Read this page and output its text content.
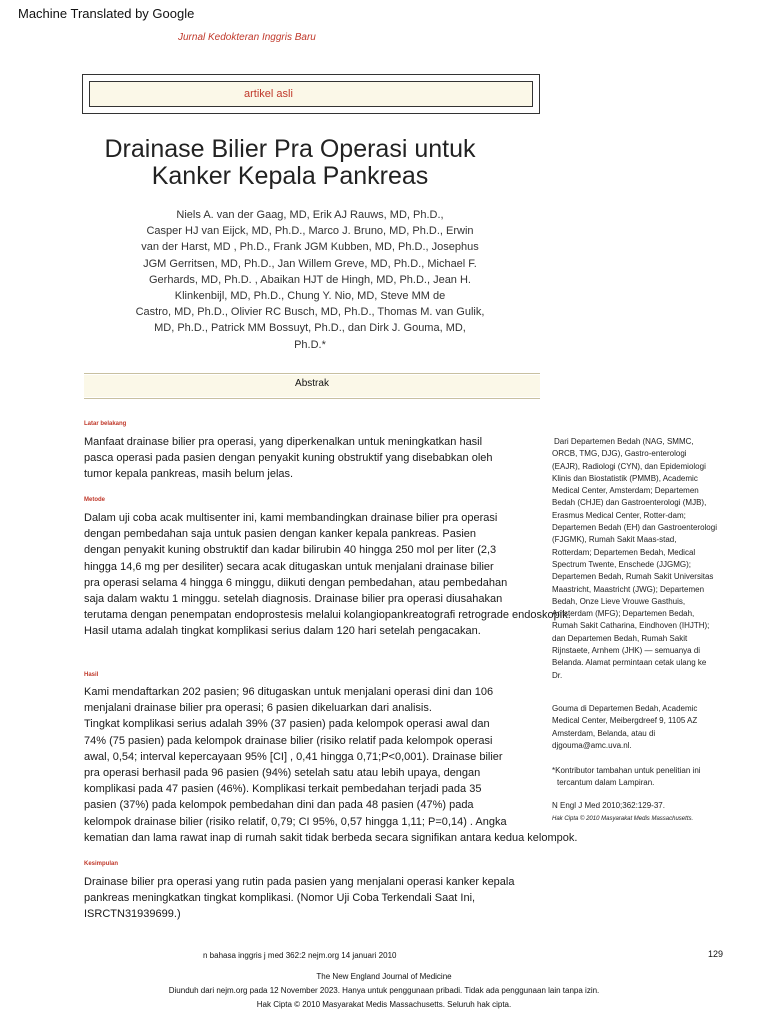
Machine Translated by Google
Jurnal Kedokteran Inggris Baru
artikel asli
Drainase Bilier Pra Operasi untuk
Kanker Kepala Pankreas
Niels A. van der Gaag, MD, Erik AJ Rauws, MD, Ph.D.,
Casper HJ van Eijck, MD, Ph.D., Marco J. Bruno, MD, Ph.D., Erwin
van der Harst, MD , Ph.D., Frank JGM Kubben, MD, Ph.D., Josephus
JGM Gerritsen, MD, Ph.D., Jan Willem Greve, MD, Ph.D., Michael F.
Gerhards, MD, Ph.D. , Abaikan HJT de Hingh, MD, Ph.D., Jean H.
Klinkenbijl, MD, Ph.D., Chung Y. Nio, MD, Steve MM de
Castro, MD, Ph.D., Olivier RC Busch, MD, Ph.D., Thomas M. van Gulik,
MD, Ph.D., Patrick MM Bossuyt, Ph.D., dan Dirk J. Gouma, MD,
Ph.D.*
Abstrak
Latar belakang
Manfaat drainase bilier pra operasi, yang diperkenalkan untuk meningkatkan hasil
pasca operasi pada pasien dengan penyakit kuning obstruktif yang disebabkan oleh
tumor kepala pankreas, masih belum jelas.
Metode
Dalam uji coba acak multisenter ini, kami membandingkan drainase bilier pra operasi
dengan pembedahan saja untuk pasien dengan kanker kepala pankreas. Pasien
dengan penyakit kuning obstruktif dan kadar bilirubin 40 hingga 250 mol per liter (2,3
hingga 14,6 mg per desiliter) secara acak ditugaskan untuk menjalani drainase bilier
pra operasi selama 4 hingga 6 minggu, diikuti dengan pembedahan, atau pembedahan
saja dalam waktu 1 minggu. setelah diagnosis. Drainase bilier pra operasi diusahakan
terutama dengan penempatan endoprostesis melalui kolangiopankreatografi retrograde endoskopik.
Hasil utama adalah tingkat komplikasi serius dalam 120 hari setelah pengacakan.
Hasil
Kami mendaftarkan 202 pasien; 96 ditugaskan untuk menjalani operasi dini dan 106
menjalani drainase bilier pra operasi; 6 pasien dikeluarkan dari analisis.
Tingkat komplikasi serius adalah 39% (37 pasien) pada kelompok operasi awal dan
74% (75 pasien) pada kelompok drainase bilier (risiko relatif pada kelompok operasi
awal, 0,54; interval kepercayaan 95% [CI] , 0,41 hingga 0,71;P<0,001). Drainase bilier
pra operasi berhasil pada 96 pasien (94%) setelah satu atau lebih upaya, dengan
komplikasi pada 47 pasien (46%). Komplikasi terkait pembedahan terjadi pada 35
pasien (37%) pada kelompok pembedahan dini dan pada 48 pasien (47%) pada
kelompok drainase bilier (risiko relatif, 0,79; CI 95%, 0,57 hingga 1,11; P=0,14) . Angka
kematian dan lama rawat inap di rumah sakit tidak berbeda secara signifikan antara kedua kelompok.
Kesimpulan
Drainase bilier pra operasi yang rutin pada pasien yang menjalani operasi kanker kepala
pankreas meningkatkan tingkat komplikasi. (Nomor Uji Coba Terkendali Saat Ini,
ISRCTN31939699.)
Dari Departemen Bedah (NAG, SMMC,
ORCB, TMG, DJG), Gastro-enterologi
(EAJR), Radiologi (CYN), dan Epidemiologi
Klinis dan Biostatistik (PMMB), Academic
Medical Center, Amsterdam; Departemen
Bedah (CHJE) dan Gastroenterologi (MJB),
Erasmus Medical Center, Rotter-dam;
Departemen Bedah (EH) dan Gastroenterologi
(FJGMK), Rumah Sakit Maas-stad,
Rotterdam; Departemen Bedah, Medical
Spectrum Twente, Enschede (JJGMG);
Departemen Bedah, Rumah Sakit Universitas
Maastricht, Maastricht (JWG); Departemen
Bedah, Onze Lieve Vrouwe Gasthuis,
Amsterdam (MFG); Departemen Bedah,
Rumah Sakit Catharina, Eindhoven (IHJTH);
dan Departemen Bedah, Rumah Sakit
Rijnstaete, Arnhem (JHK) — semuanya di
Belanda. Alamat permintaan cetak ulang ke
Dr.
Gouma di Departemen Bedah, Academic
Medical Center, Meibergdreef 9, 1105 AZ
Amsterdam, Belanda, atau di
djgouma@amc.uva.nl.
*Kontributor tambahan untuk penelitian ini
tercantum dalam Lampiran.
N Engl J Med 2010;362:129-37.
Hak Cipta © 2010 Masyarakat Medis Massachusetts.
n bahasa inggris j med 362:2 nejm.org 14 januari 2010	129
The New England Journal of Medicine
Diunduh dari nejm.org pada 12 November 2023. Hanya untuk penggunaan pribadi. Tidak ada penggunaan lain tanpa izin.
Hak Cipta © 2010 Masyarakat Medis Massachusetts. Seluruh hak cipta.
